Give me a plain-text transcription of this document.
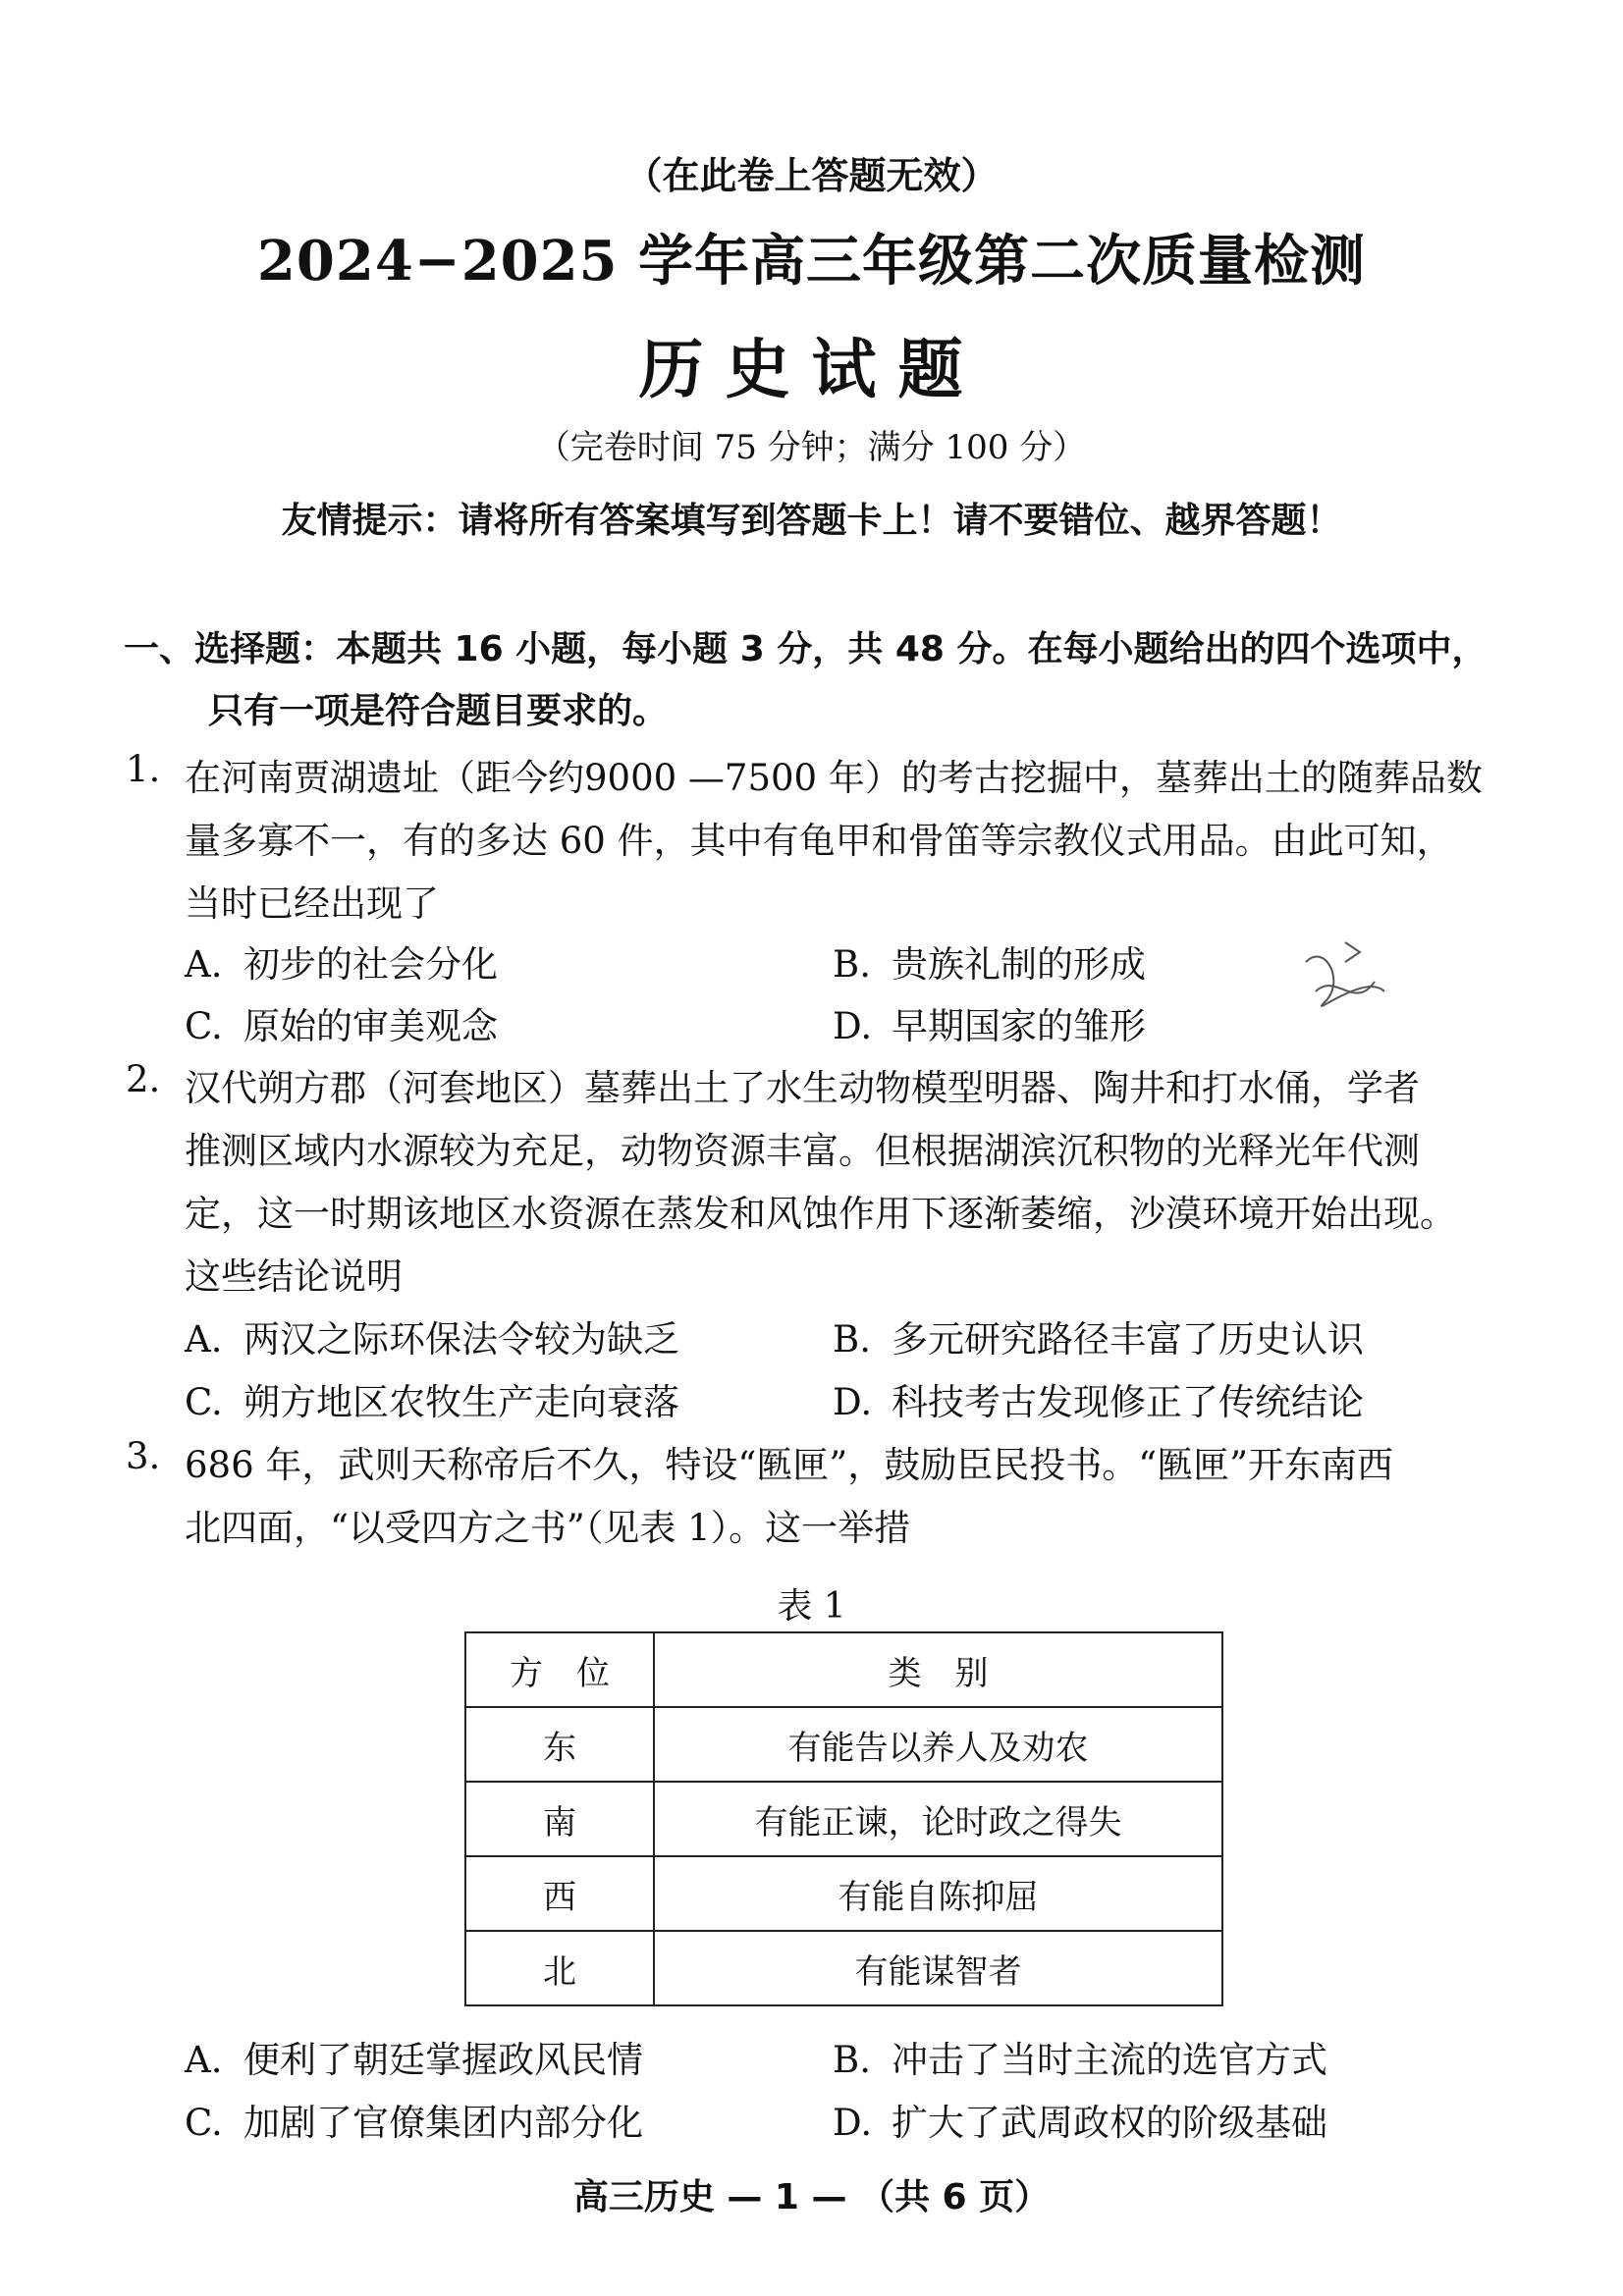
（在此卷上答题无效）
2024−2025 学年高三年级第二次质量检测
历史试题
（完卷时间 75 分钟；满分 100 分）
友情提示：请将所有答案填写到答题卡上！请不要错位、越界答题！
一、选择题：本题共 16 小题，每小题 3 分，共 48 分。在每小题给出的四个选项中，
只有一项是符合题目要求的。
1. 在河南贾湖遗址（距今约9000 —7500 年）的考古挖掘中，墓葬出土的随葬品数
量多寡不一，有的多达 60 件，其中有龟甲和骨笛等宗教仪式用品。由此可知，
当时已经出现了
A. 初步的社会分化	B. 贵族礼制的形成
C. 原始的审美观念	D. 早期国家的雏形
2. 汉代朔方郡（河套地区）墓葬出土了水生动物模型明器、陶井和打水俑，学者
推测区域内水源较为充足，动物资源丰富。但根据湖滨沉积物的光释光年代测
定，这一时期该地区水资源在蒸发和风蚀作用下逐渐萎缩，沙漠环境开始出现。
这些结论说明
A. 两汉之际环保法令较为缺乏	B. 多元研究路径丰富了历史认识
C. 朔方地区农牧生产走向衰落	D. 科技考古发现修正了传统结论
3. 686 年，武则天称帝后不久，特设“匦匣”，鼓励臣民投书。“匦匣”开东南西
北四面，“以受四方之书”（见表 1）。这一举措
表 1
方　位	类　别
东	有能告以养人及劝农
南	有能正谏，论时政之得失
西	有能自陈抑屈
北	有能谋智者
A. 便利了朝廷掌握政风民情	B. 冲击了当时主流的选官方式
C. 加剧了官僚集团内部分化	D. 扩大了武周政权的阶级基础
高三历史 — 1 — （共 6 页）
